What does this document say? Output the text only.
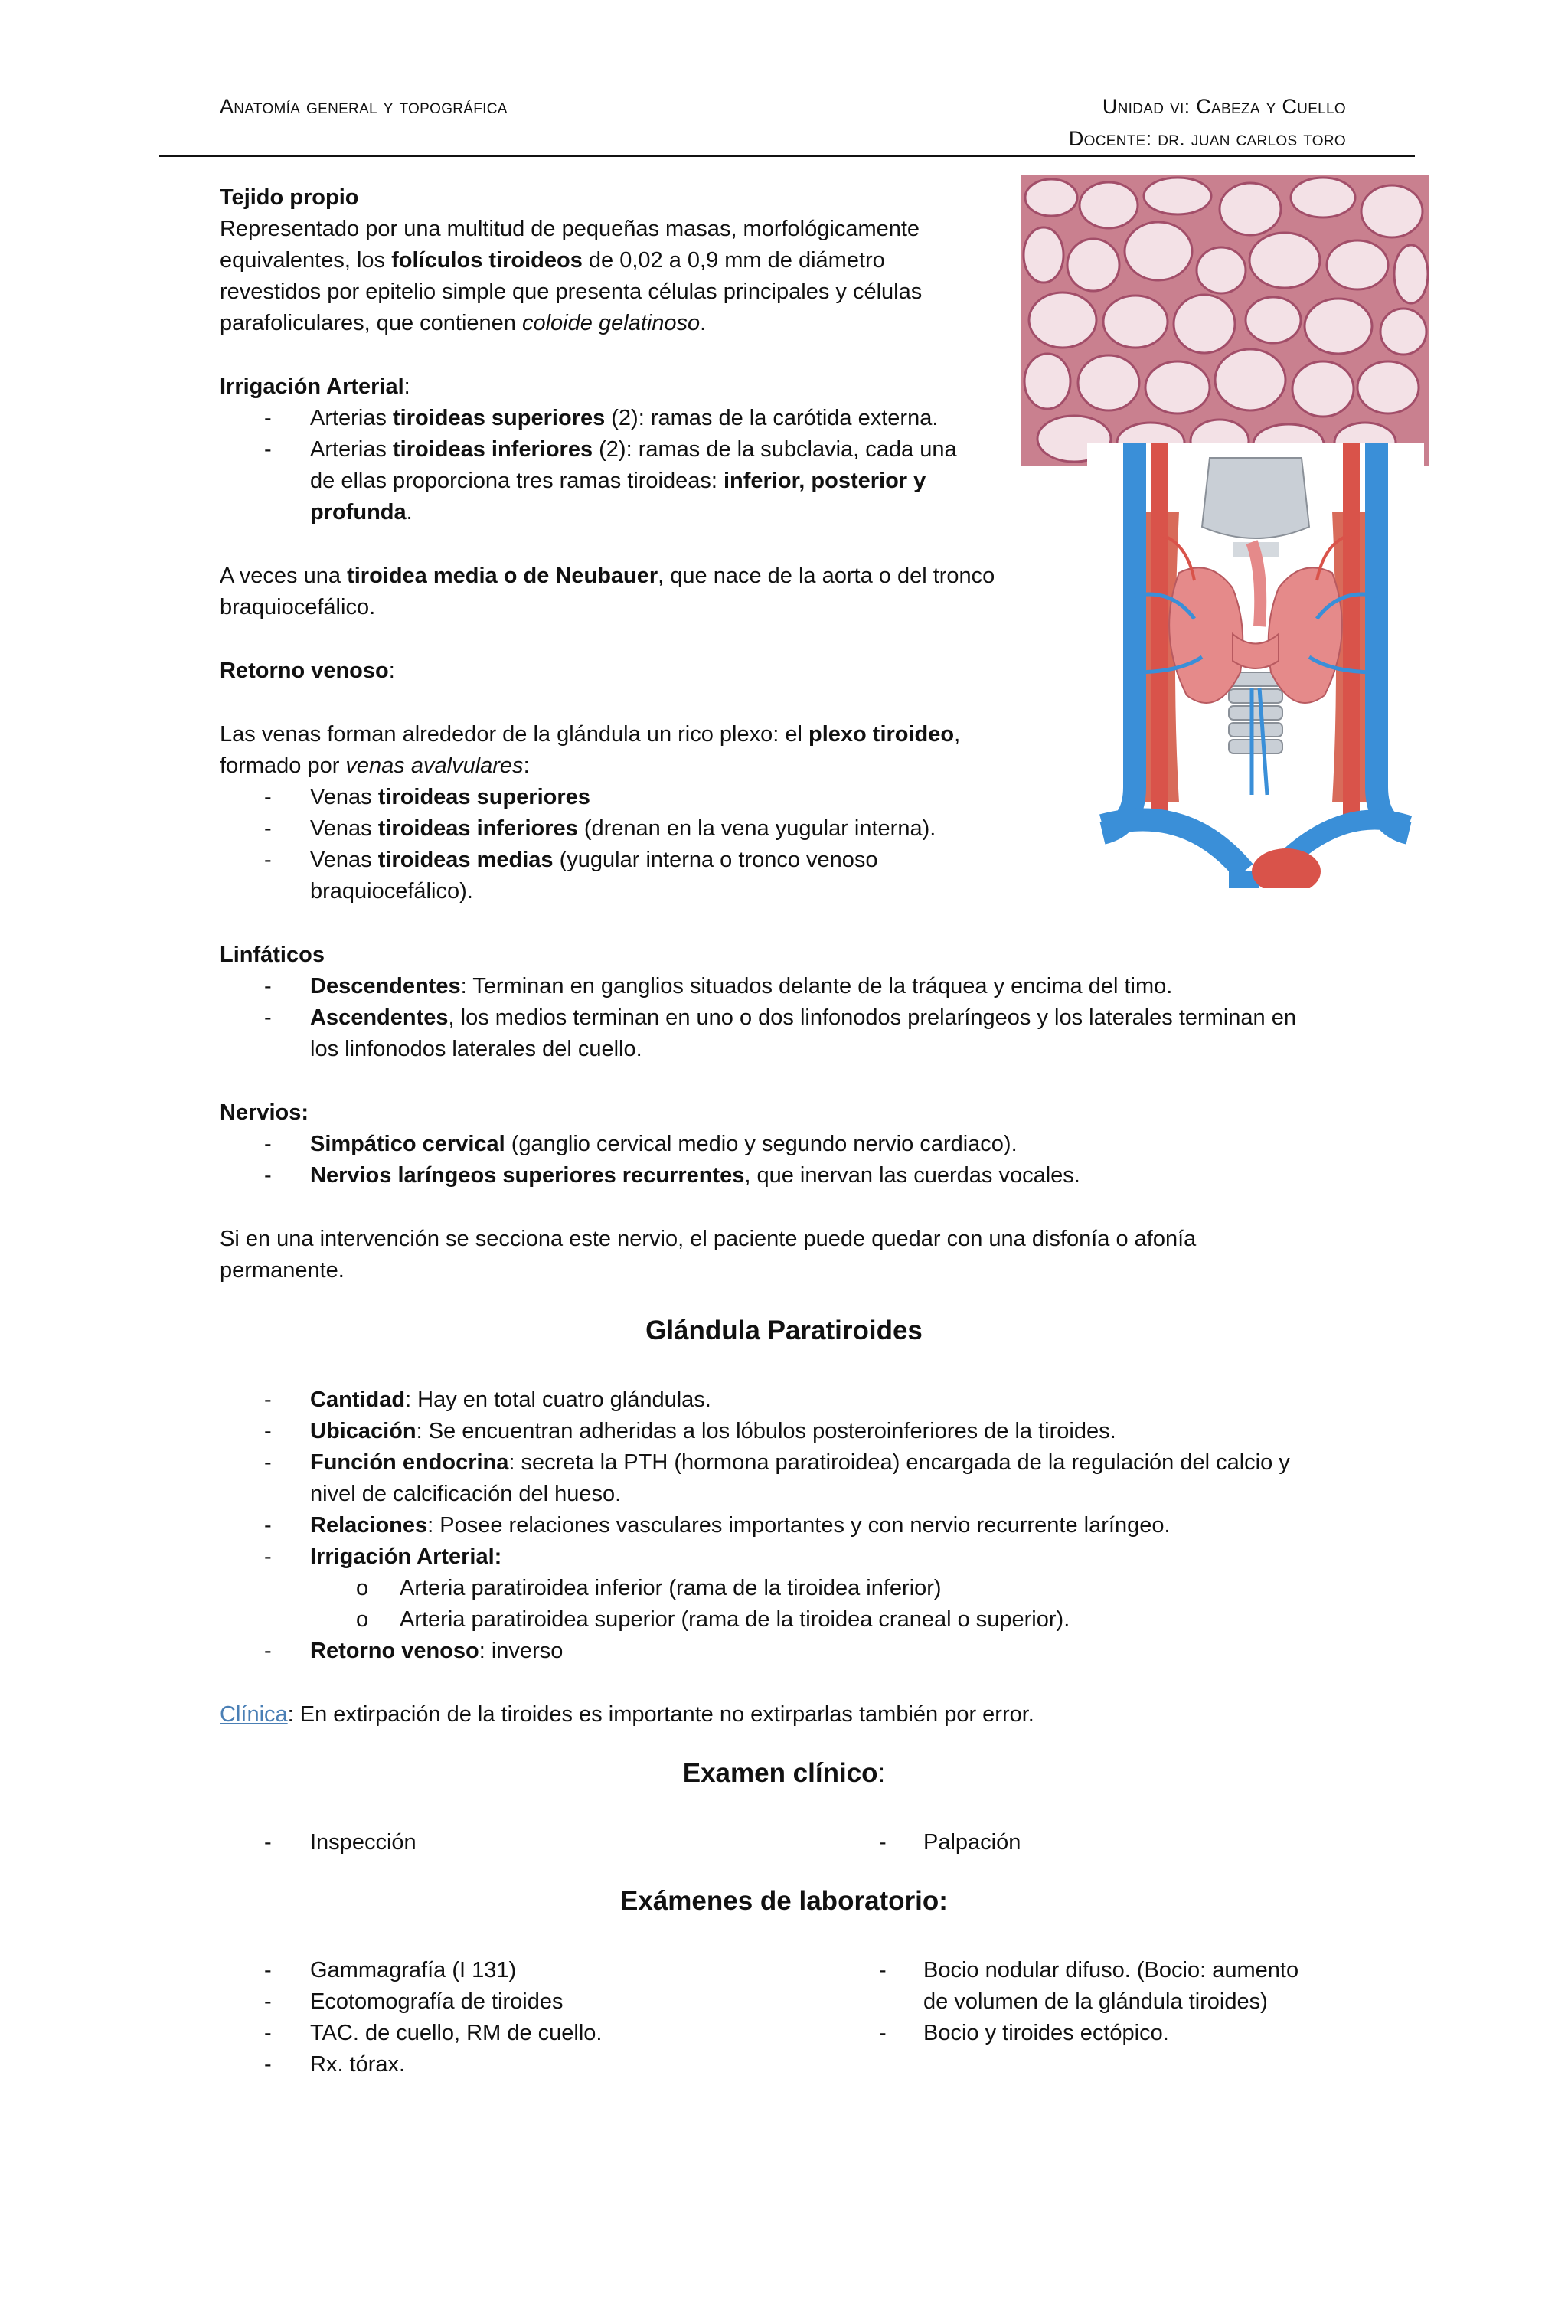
Anatomía general y topográfica	Unidad vi: Cabeza y Cuello
Docente: dr. juan carlos toro
Tejido propio
Representado por una multitud de pequeñas masas, morfológicamente
equivalentes, los folículos tiroideos de 0,02 a 0,9 mm de diámetro
revestidos por epitelio simple que presenta células principales y células
parafoliculares, que contienen coloide gelatinoso.
Irrigación Arterial:
- Arterias tiroideas superiores (2): ramas de la carótida externa.
- Arterias tiroideas inferiores (2): ramas de la subclavia, cada una
de ellas proporciona tres ramas tiroideas: inferior, posterior y
profunda.
A veces una tiroidea media o de Neubauer, que nace de la aorta o del tronco
braquiocefálico.
Retorno venoso:
Las venas forman alrededor de la glándula un rico plexo: el plexo tiroideo,
formado por venas avalvulares:
- Venas tiroideas superiores
- Venas tiroideas inferiores (drenan en la vena yugular interna).
- Venas tiroideas medias (yugular interna o tronco venoso
braquiocefálico).
Linfáticos
- Descendentes: Terminan en ganglios situados delante de la tráquea y encima del timo.
- Ascendentes, los medios terminan en uno o dos linfonodos prelaríngeos y los laterales terminan en
los linfonodos laterales del cuello.
Nervios:
- Simpático cervical (ganglio cervical medio y segundo nervio cardiaco).
- Nervios laríngeos superiores recurrentes, que inervan las cuerdas vocales.
Si en una intervención se secciona este nervio, el paciente puede quedar con una disfonía o afonía
permanente.
Glándula Paratiroides
- Cantidad: Hay en total cuatro glándulas.
- Ubicación: Se encuentran adheridas a los lóbulos posteroinferiores de la tiroides.
- Función endocrina: secreta la PTH (hormona paratiroidea) encargada de la regulación del calcio y
nivel de calcificación del hueso.
- Relaciones: Posee relaciones vasculares importantes y con nervio recurrente laríngeo.
- Irrigación Arterial:
o Arteria paratiroidea inferior (rama de la tiroidea inferior)
o Arteria paratiroidea superior (rama de la tiroidea craneal o superior).
- Retorno venoso: inverso
Clínica: En extirpación de la tiroides es importante no extirparlas también por error.
Examen clínico:
- Inspección	- Palpación
Exámenes de laboratorio:
- Gammagrafía (I 131)
- Ecotomografía de tiroides
- TAC. de cuello, RM de cuello.
- Rx. tórax.
- Bocio nodular difuso. (Bocio: aumento
de volumen de la glándula tiroides)
- Bocio y tiroides ectópico.
